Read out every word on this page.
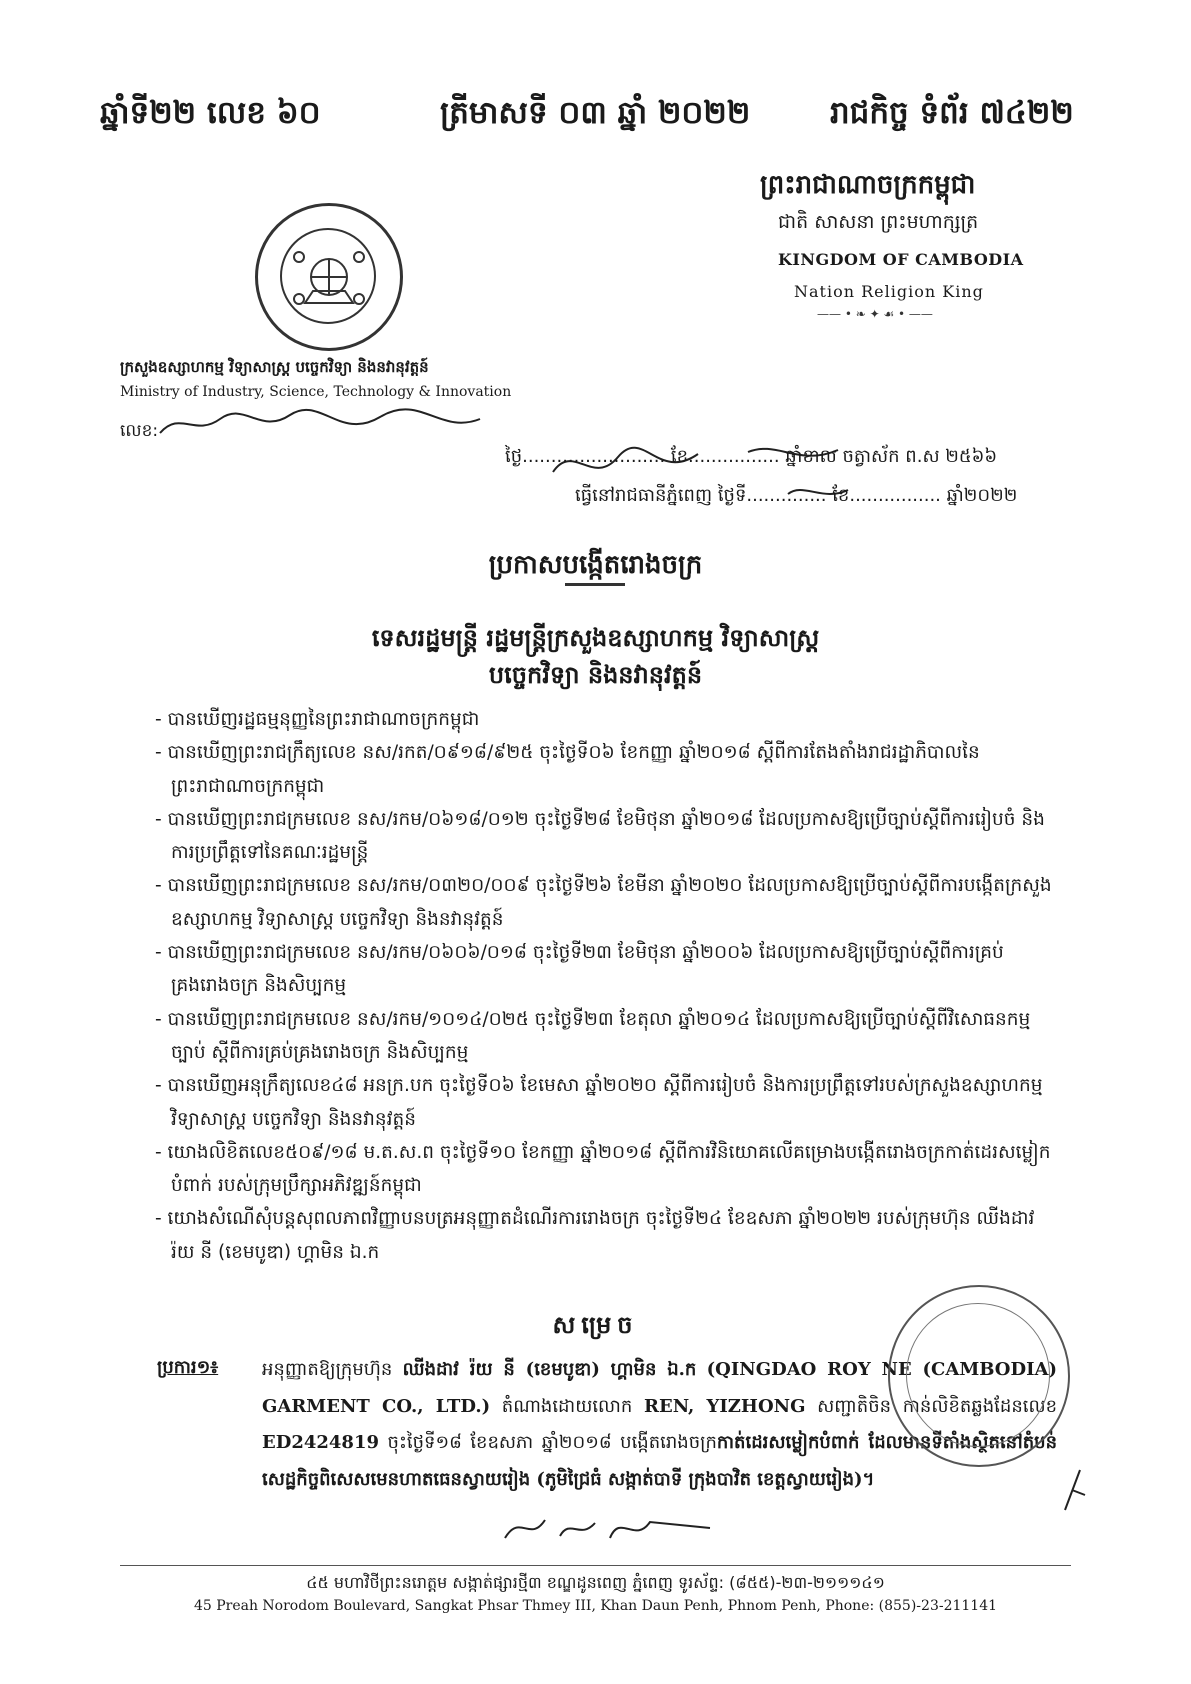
ឆ្នាំទី២២ លេខ ៦០	ត្រីមាសទី ០៣ ឆ្នាំ ២០២២	រាជកិច្ច ទំព័រ ៧៤២២
ព្រះរាជាណាចក្រកម្ពុជា
ជាតិ សាសនា ព្រះមហាក្សត្រ
KINGDOM OF CAMBODIA
Nation Religion King
—— • ❧ ✦ ☙ • ——
ក្រសួងឧស្សាហកម្ម វិទ្យាសាស្ត្រ បច្ចេកវិទ្យា និងនវានុវត្តន៍
Ministry of Industry, Science, Technology & Innovation
លេខ:
ថ្ងៃ......................... ខែ................ ឆ្នាំខាល ចត្វាស័ក ព.ស ២៥៦៦
ធ្វើនៅរាជធានីភ្នំពេញ ថ្ងៃទី.............. ខែ................ ឆ្នាំ២០២២
ប្រកាសបង្កើតរោងចក្រ
ទេសរដ្ឋមន្ត្រី រដ្ឋមន្ត្រីក្រសួងឧស្សាហកម្ម វិទ្យាសាស្ត្រ
បច្ចេកវិទ្យា និងនវានុវត្តន៍
- បានឃើញរដ្ឋធម្មនុញ្ញនៃព្រះរាជាណាចក្រកម្ពុជា
- បានឃើញព្រះរាជក្រឹត្យលេខ នស/រកត/០៩១៨/៩២៥ ចុះថ្ងៃទី០៦ ខែកញ្ញា ឆ្នាំ២០១៨ ស្តីពីការតែងតាំងរាជរដ្ឋាភិបាលនៃព្រះរាជាណាចក្រកម្ពុជា
- បានឃើញព្រះរាជក្រមលេខ នស/រកម/០៦១៨/០១២ ចុះថ្ងៃទី២៨ ខែមិថុនា ឆ្នាំ២០១៨ ដែលប្រកាសឱ្យប្រើច្បាប់ស្តីពីការរៀបចំ និងការប្រព្រឹត្តទៅនៃគណៈរដ្ឋមន្ត្រី
- បានឃើញព្រះរាជក្រមលេខ នស/រកម/០៣២០/០០៩ ចុះថ្ងៃទី២៦ ខែមីនា ឆ្នាំ២០២០ ដែលប្រកាសឱ្យប្រើច្បាប់ស្តីពីការបង្កើតក្រសួងឧស្សាហកម្ម វិទ្យាសាស្ត្រ បច្ចេកវិទ្យា និងនវានុវត្តន៍
- បានឃើញព្រះរាជក្រមលេខ នស/រកម/០៦០៦/០១៨ ចុះថ្ងៃទី២៣ ខែមិថុនា ឆ្នាំ២០០៦ ដែលប្រកាសឱ្យប្រើច្បាប់ស្តីពីការគ្រប់គ្រងរោងចក្រ និងសិប្បកម្ម
- បានឃើញព្រះរាជក្រមលេខ នស/រកម/១០១៤/០២៥ ចុះថ្ងៃទី២៣ ខែតុលា ឆ្នាំ២០១៤ ដែលប្រកាសឱ្យប្រើច្បាប់ស្តីពីវិសោធនកម្មច្បាប់ ស្តីពីការគ្រប់គ្រងរោងចក្រ និងសិប្បកម្ម
- បានឃើញអនុក្រឹត្យលេខ៤៨ អនក្រ.បក ចុះថ្ងៃទី០៦ ខែមេសា ឆ្នាំ២០២០ ស្តីពីការរៀបចំ និងការប្រព្រឹត្តទៅរបស់ក្រសួងឧស្សាហកម្ម វិទ្យាសាស្ត្រ បច្ចេកវិទ្យា និងនវានុវត្តន៍
- យោងលិខិតលេខ៥០៩/១៨ ម.ត.ស.ព ចុះថ្ងៃទី១០ ខែកញ្ញា ឆ្នាំ២០១៨ ស្តីពីការវិនិយោគលើគម្រោងបង្កើតរោងចក្រកាត់ដេរសម្លៀកបំពាក់ របស់ក្រុមប្រឹក្សាអភិវឌ្ឍន៍កម្ពុជា
- យោងសំណើសុំបន្តសុពលភាពវិញ្ញាបនបត្រអនុញ្ញាតដំណើរការរោងចក្រ ចុះថ្ងៃទី២៤ ខែឧសភា ឆ្នាំ២០២២ របស់ក្រុមហ៊ុន ឈីងដាវ រ៉យ នី (ខេមបូឌា) ហ្គាមិន ឯ.ក
សម្រេច
ប្រការ១៖ អនុញ្ញាតឱ្យក្រុមហ៊ុន ឈីងដាវ រ៉យ នី (ខេមបូឌា) ហ្គាមិន ឯ.ក (QINGDAO ROY NE (CAMBODIA) GARMENT CO., LTD.) តំណាងដោយលោក REN, YIZHONG សញ្ជាតិចិន កាន់លិខិតឆ្លងដែនលេខ ED2424819 ចុះថ្ងៃទី១៨ ខែឧសភា ឆ្នាំ២០១៨ បង្កើតរោងចក្រកាត់ដេរសម្លៀកបំពាក់ ដែលមានទីតាំងស្ថិតនៅតំបន់សេដ្ឋកិច្ចពិសេសមេនហាតធេនស្វាយរៀង (ភូមិជ្រៃធំ សង្កាត់បាទី ក្រុងបាវិត ខេត្តស្វាយរៀង)។
៤៥ មហាវិថីព្រះនរោត្តម សង្កាត់ផ្សារថ្មី៣ ខណ្ឌដូនពេញ ភ្នំពេញ ទូរស័ព្ទ: (៨៥៥)-២៣-២១១១៤១
45 Preah Norodom Boulevard, Sangkat Phsar Thmey III, Khan Daun Penh, Phnom Penh, Phone: (855)-23-211141
